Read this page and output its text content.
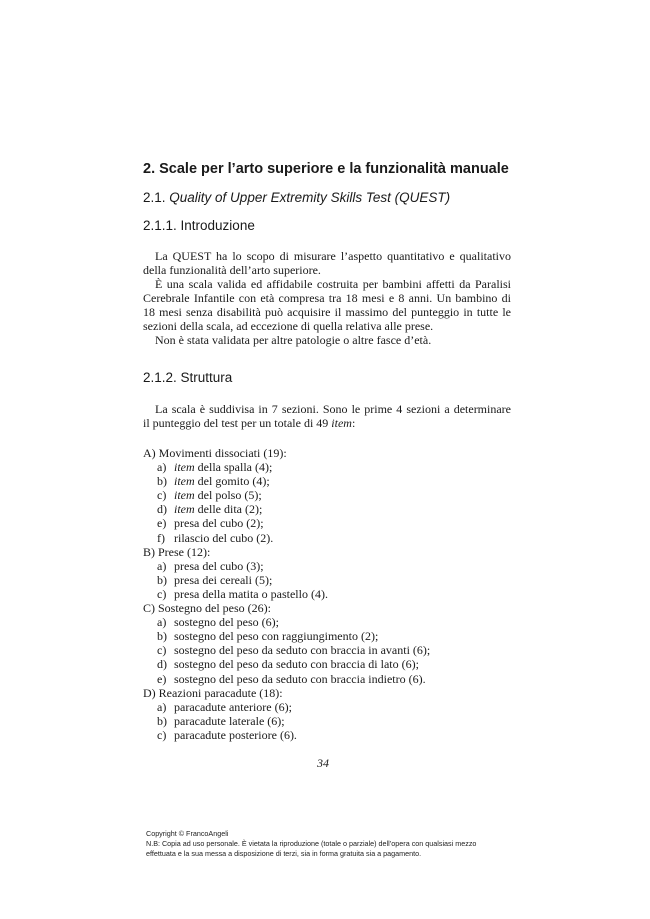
2. Scale per l’arto superiore e la funzionalità manuale
2.1. Quality of Upper Extremity Skills Test (QUEST)
2.1.1. Introduzione
La QUEST ha lo scopo di misurare l’aspetto quantitativo e qualitativo
della funzionalità dell’arto superiore.
È una scala valida ed affidabile costruita per bambini affetti da Paralisi
Cerebrale Infantile con età compresa tra 18 mesi e 8 anni. Un bambino di
18 mesi senza disabilità può acquisire il massimo del punteggio in tutte le
sezioni della scala, ad eccezione di quella relativa alle prese.
Non è stata validata per altre patologie o altre fasce d’età.
2.1.2. Struttura
La scala è suddivisa in 7 sezioni. Sono le prime 4 sezioni a determinare
il punteggio del test per un totale di 49 item:
A) Movimenti dissociati (19):
a) item della spalla (4);
b) item del gomito (4);
c) item del polso (5);
d) item delle dita (2);
e) presa del cubo (2);
f) rilascio del cubo (2).
B) Prese (12):
a) presa del cubo (3);
b) presa dei cereali (5);
c) presa della matita o pastello (4).
C) Sostegno del peso (26):
a) sostegno del peso (6);
b) sostegno del peso con raggiungimento (2);
c) sostegno del peso da seduto con braccia in avanti (6);
d) sostegno del peso da seduto con braccia di lato (6);
e) sostegno del peso da seduto con braccia indietro (6).
D) Reazioni paracadute (18):
a) paracadute anteriore (6);
b) paracadute laterale (6);
c) paracadute posteriore (6).
34
Copyright © FrancoAngeli
N.B: Copia ad uso personale. È vietata la riproduzione (totale o parziale) dell’opera con qualsiasi mezzo
effettuata e la sua messa a disposizione di terzi, sia in forma gratuita sia a pagamento.
